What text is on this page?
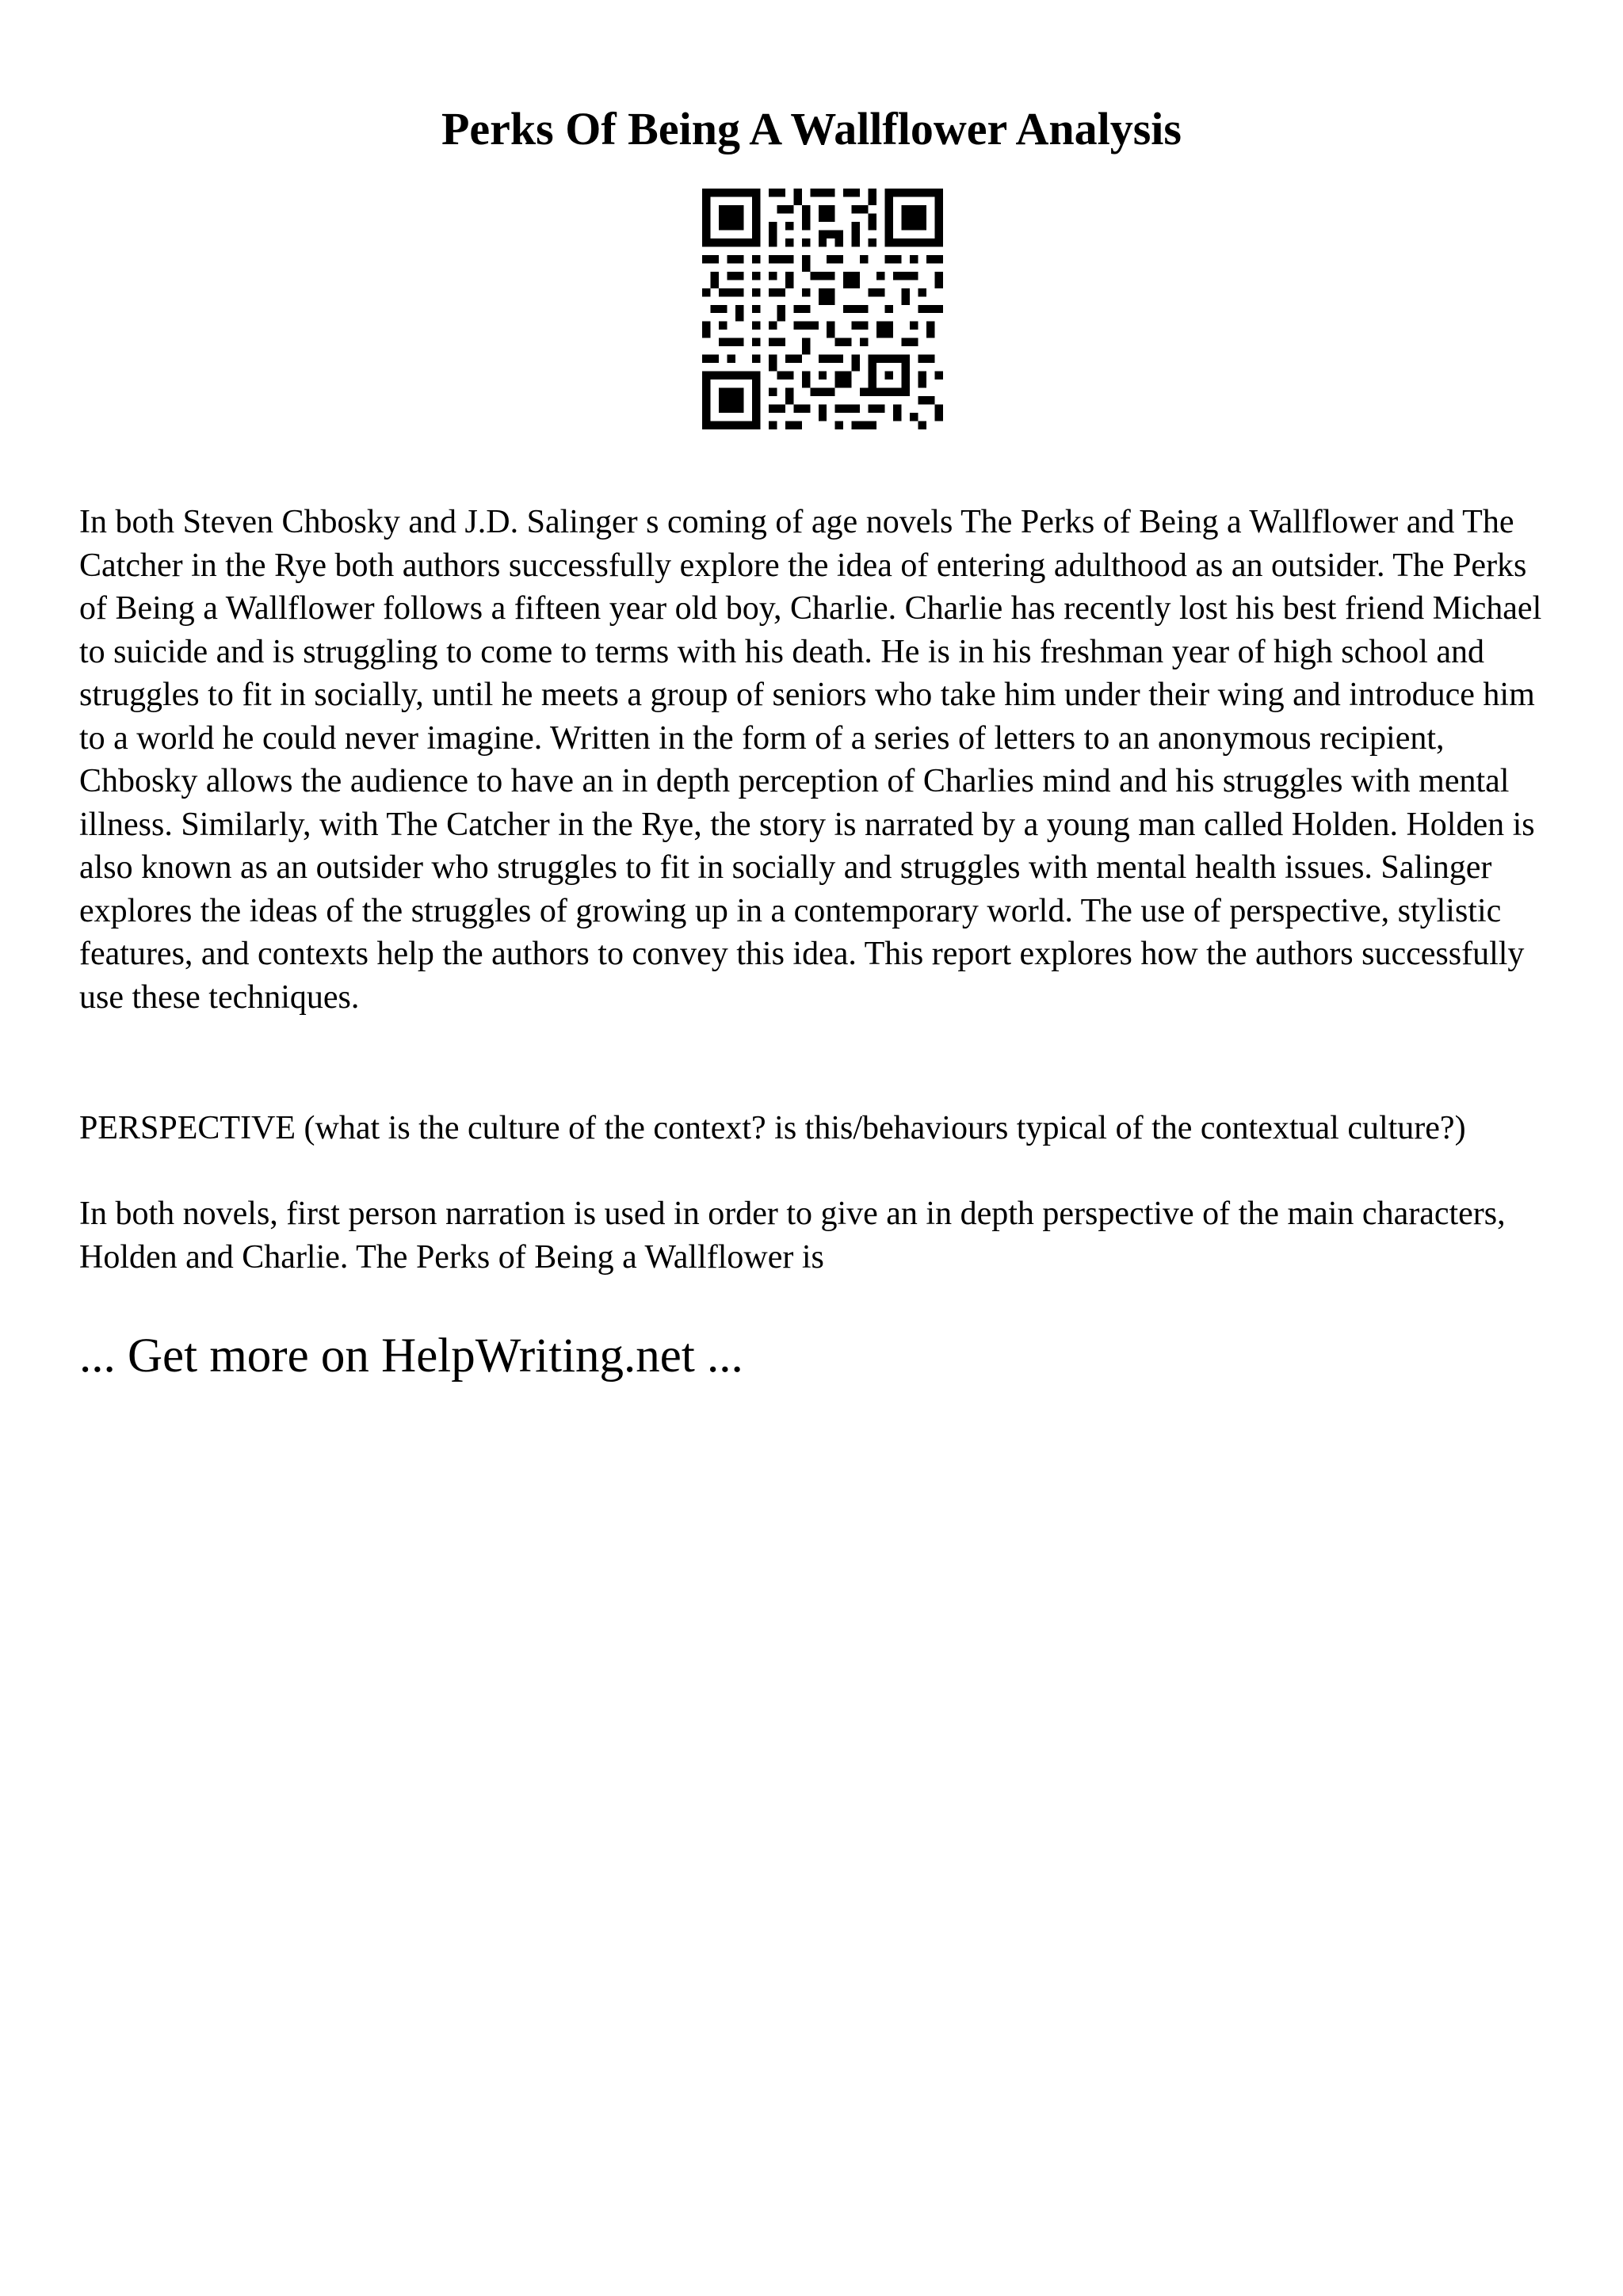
Perks Of Being A Wallflower Analysis

In both Steven Chbosky and J.D. Salinger s coming of age novels The Perks of Being a Wallflower and The Catcher in the Rye both authors successfully explore the idea of entering adulthood as an outsider. The Perks of Being a Wallflower follows a fifteen year old boy, Charlie. Charlie has recently lost his best friend Michael to suicide and is struggling to come to terms with his death. He is in his freshman year of high school and struggles to fit in socially, until he meets a group of seniors who take him under their wing and introduce him to a world he could never imagine. Written in the form of a series of letters to an anonymous recipient, Chbosky allows the audience to have an in depth perception of Charlies mind and his struggles with mental illness. Similarly, with The Catcher in the Rye, the story is narrated by a young man called Holden. Holden is also known as an outsider who struggles to fit in socially and struggles with mental health issues. Salinger explores the ideas of the struggles of growing up in a contemporary world. The use of perspective, stylistic features, and contexts help the authors to convey this idea. This report explores how the authors successfully use these techniques.

PERSPECTIVE (what is the culture of the context? is this/behaviours typical of the contextual culture?)

In both novels, first person narration is used in order to give an in depth perspective of the main characters, Holden and Charlie. The Perks of Being a Wallflower is

... Get more on HelpWriting.net ...
